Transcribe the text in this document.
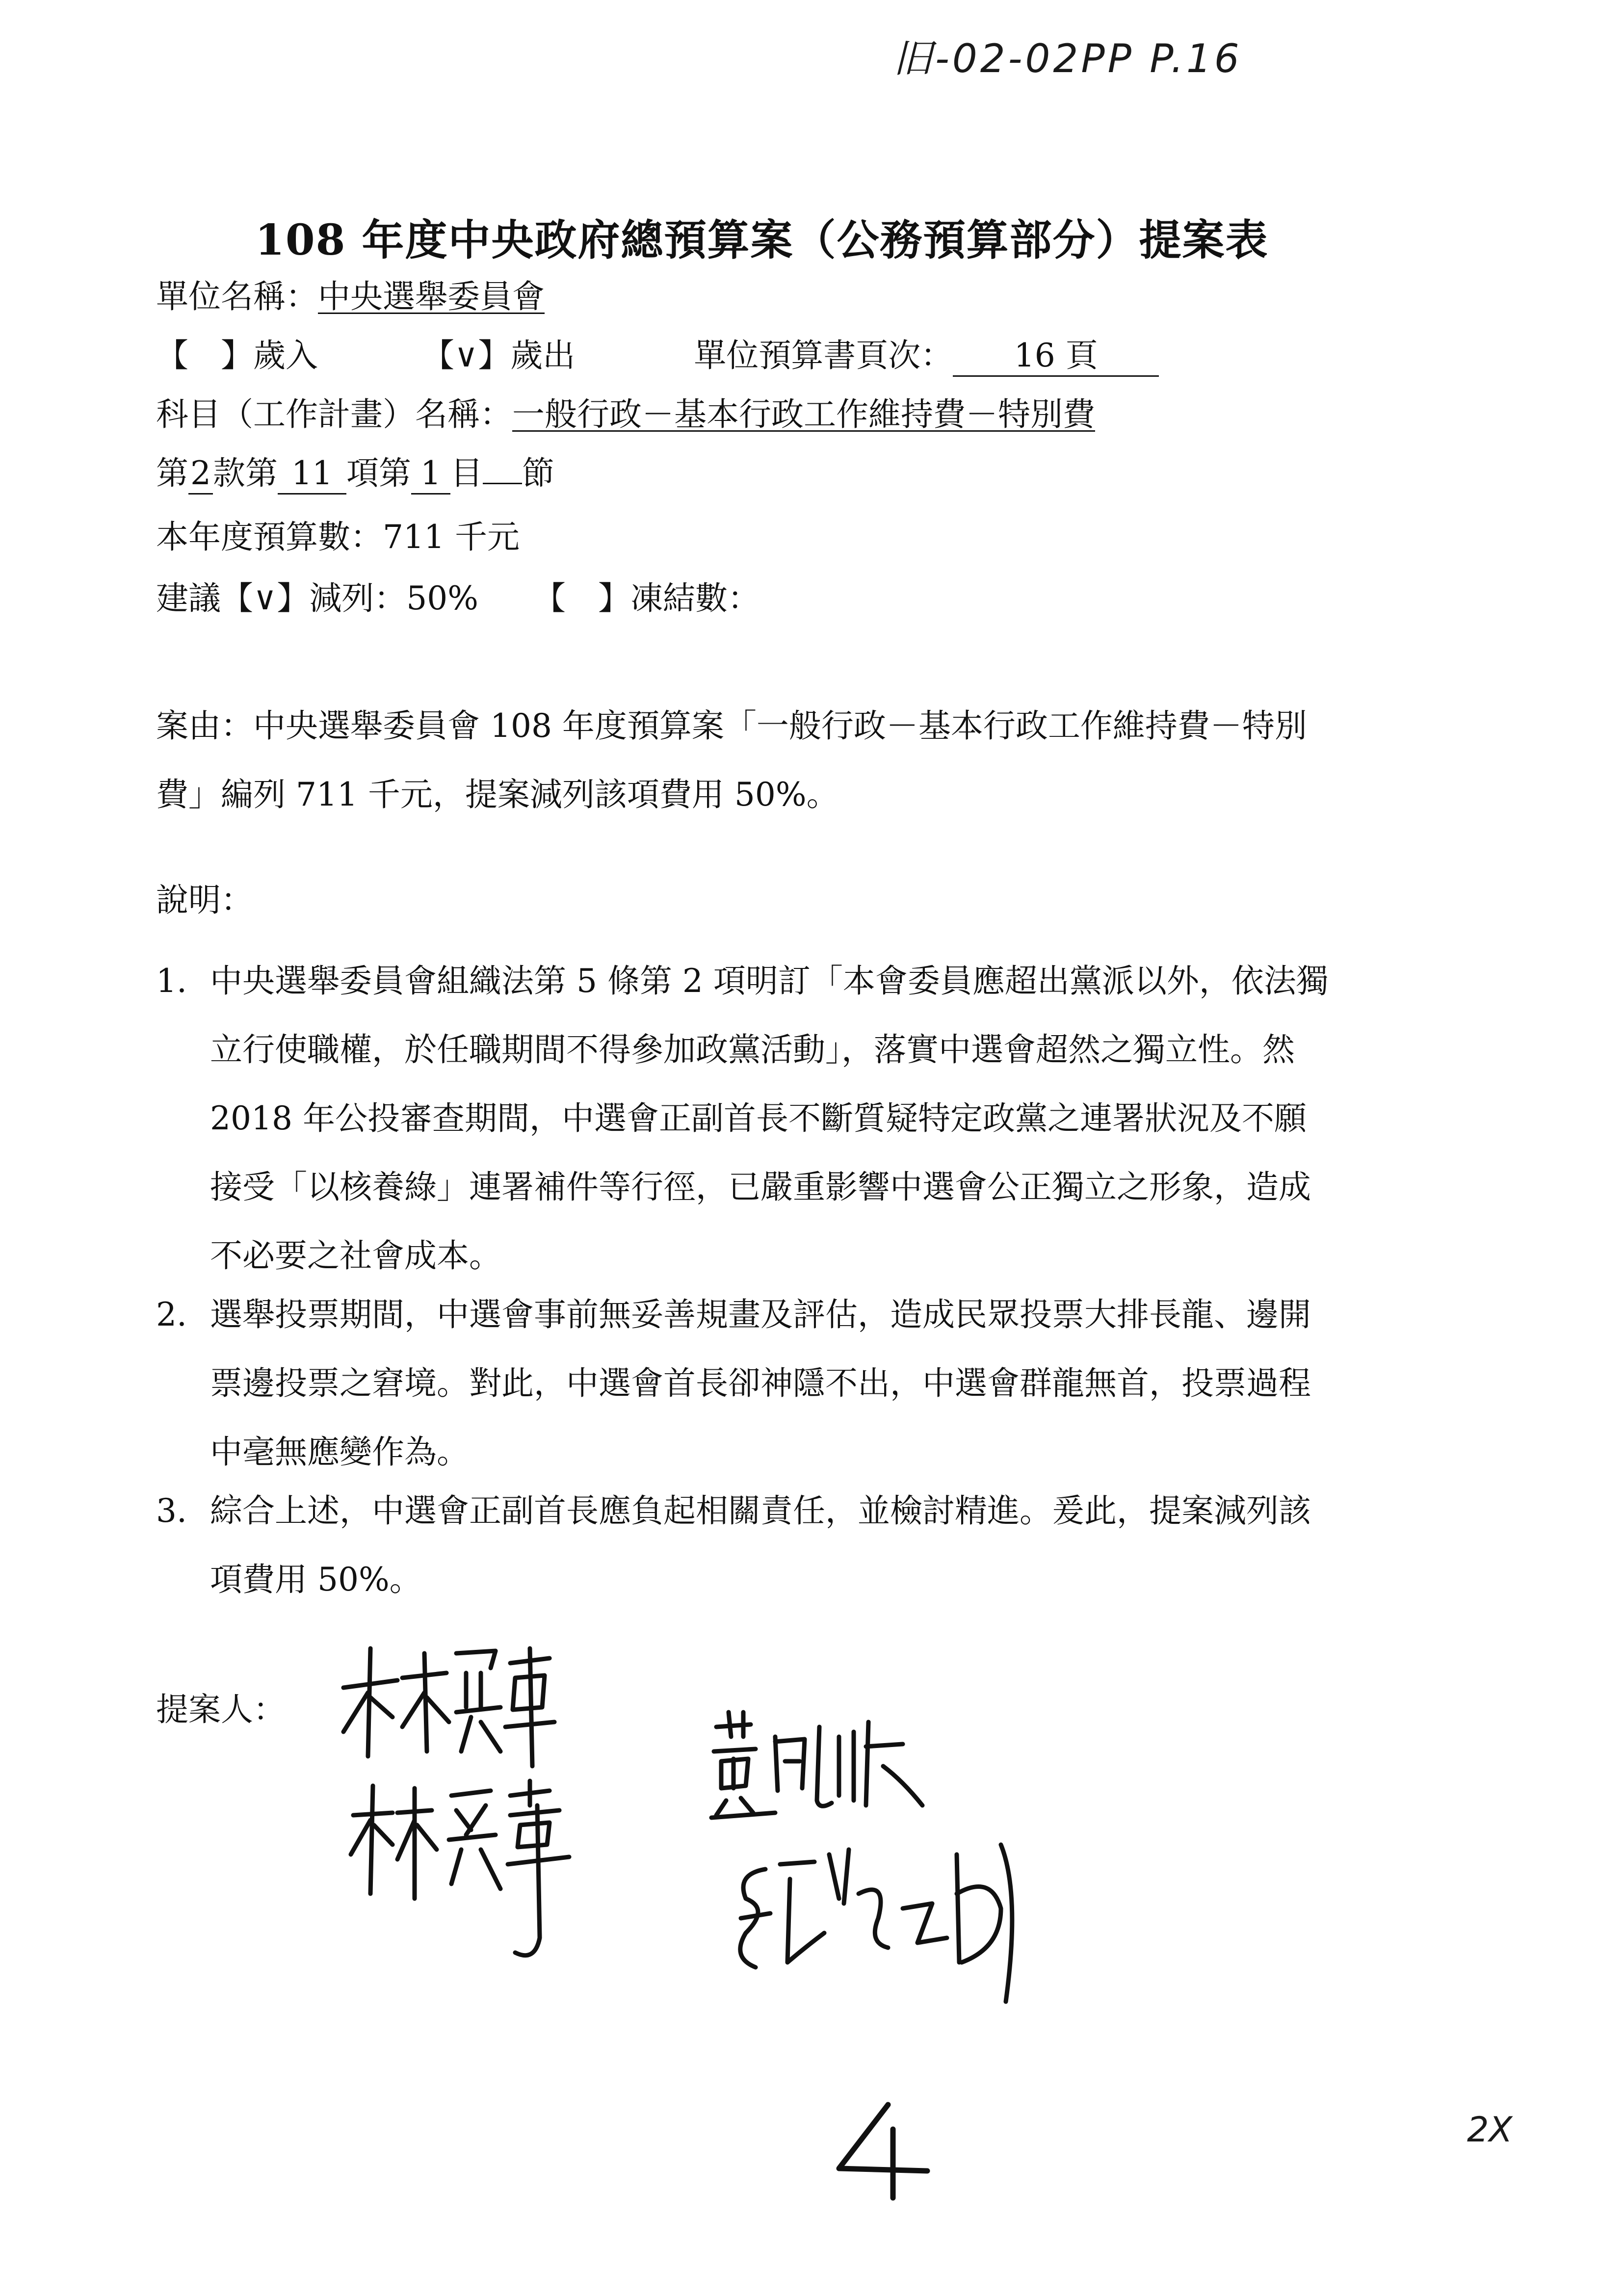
旧-02-02PP P.16
108 年度中央政府總預算案（公務預算部分）提案表
單位名稱：中央選舉委員會
【　】歲入	【∨】歲出	單位預算書頁次： 16 頁
科目（工作計畫）名稱：一般行政－基本行政工作維持費－特別費
第2款第 11 項第 1 目 節
本年度預算數：711 千元
建議【∨】減列：50% 【　】凍結數：
案由：中央選舉委員會 108 年度預算案「一般行政－基本行政工作維持費－特別
費」編列 711 千元，提案減列該項費用 50%。
說明：
1. 中央選舉委員會組織法第 5 條第 2 項明訂「本會委員應超出黨派以外，依法獨
立行使職權，於任職期間不得參加政黨活動」，落實中選會超然之獨立性。然
2018 年公投審查期間，中選會正副首長不斷質疑特定政黨之連署狀況及不願
接受「以核養綠」連署補件等行徑，已嚴重影響中選會公正獨立之形象，造成
不必要之社會成本。
2. 選舉投票期間，中選會事前無妥善規畫及評估，造成民眾投票大排長龍、邊開
票邊投票之窘境。對此，中選會首長卻神隱不出，中選會群龍無首，投票過程
中毫無應變作為。
3. 綜合上述，中選會正副首長應負起相關責任，並檢討精進。爰此，提案減列該
項費用 50%。
提案人：
2X
